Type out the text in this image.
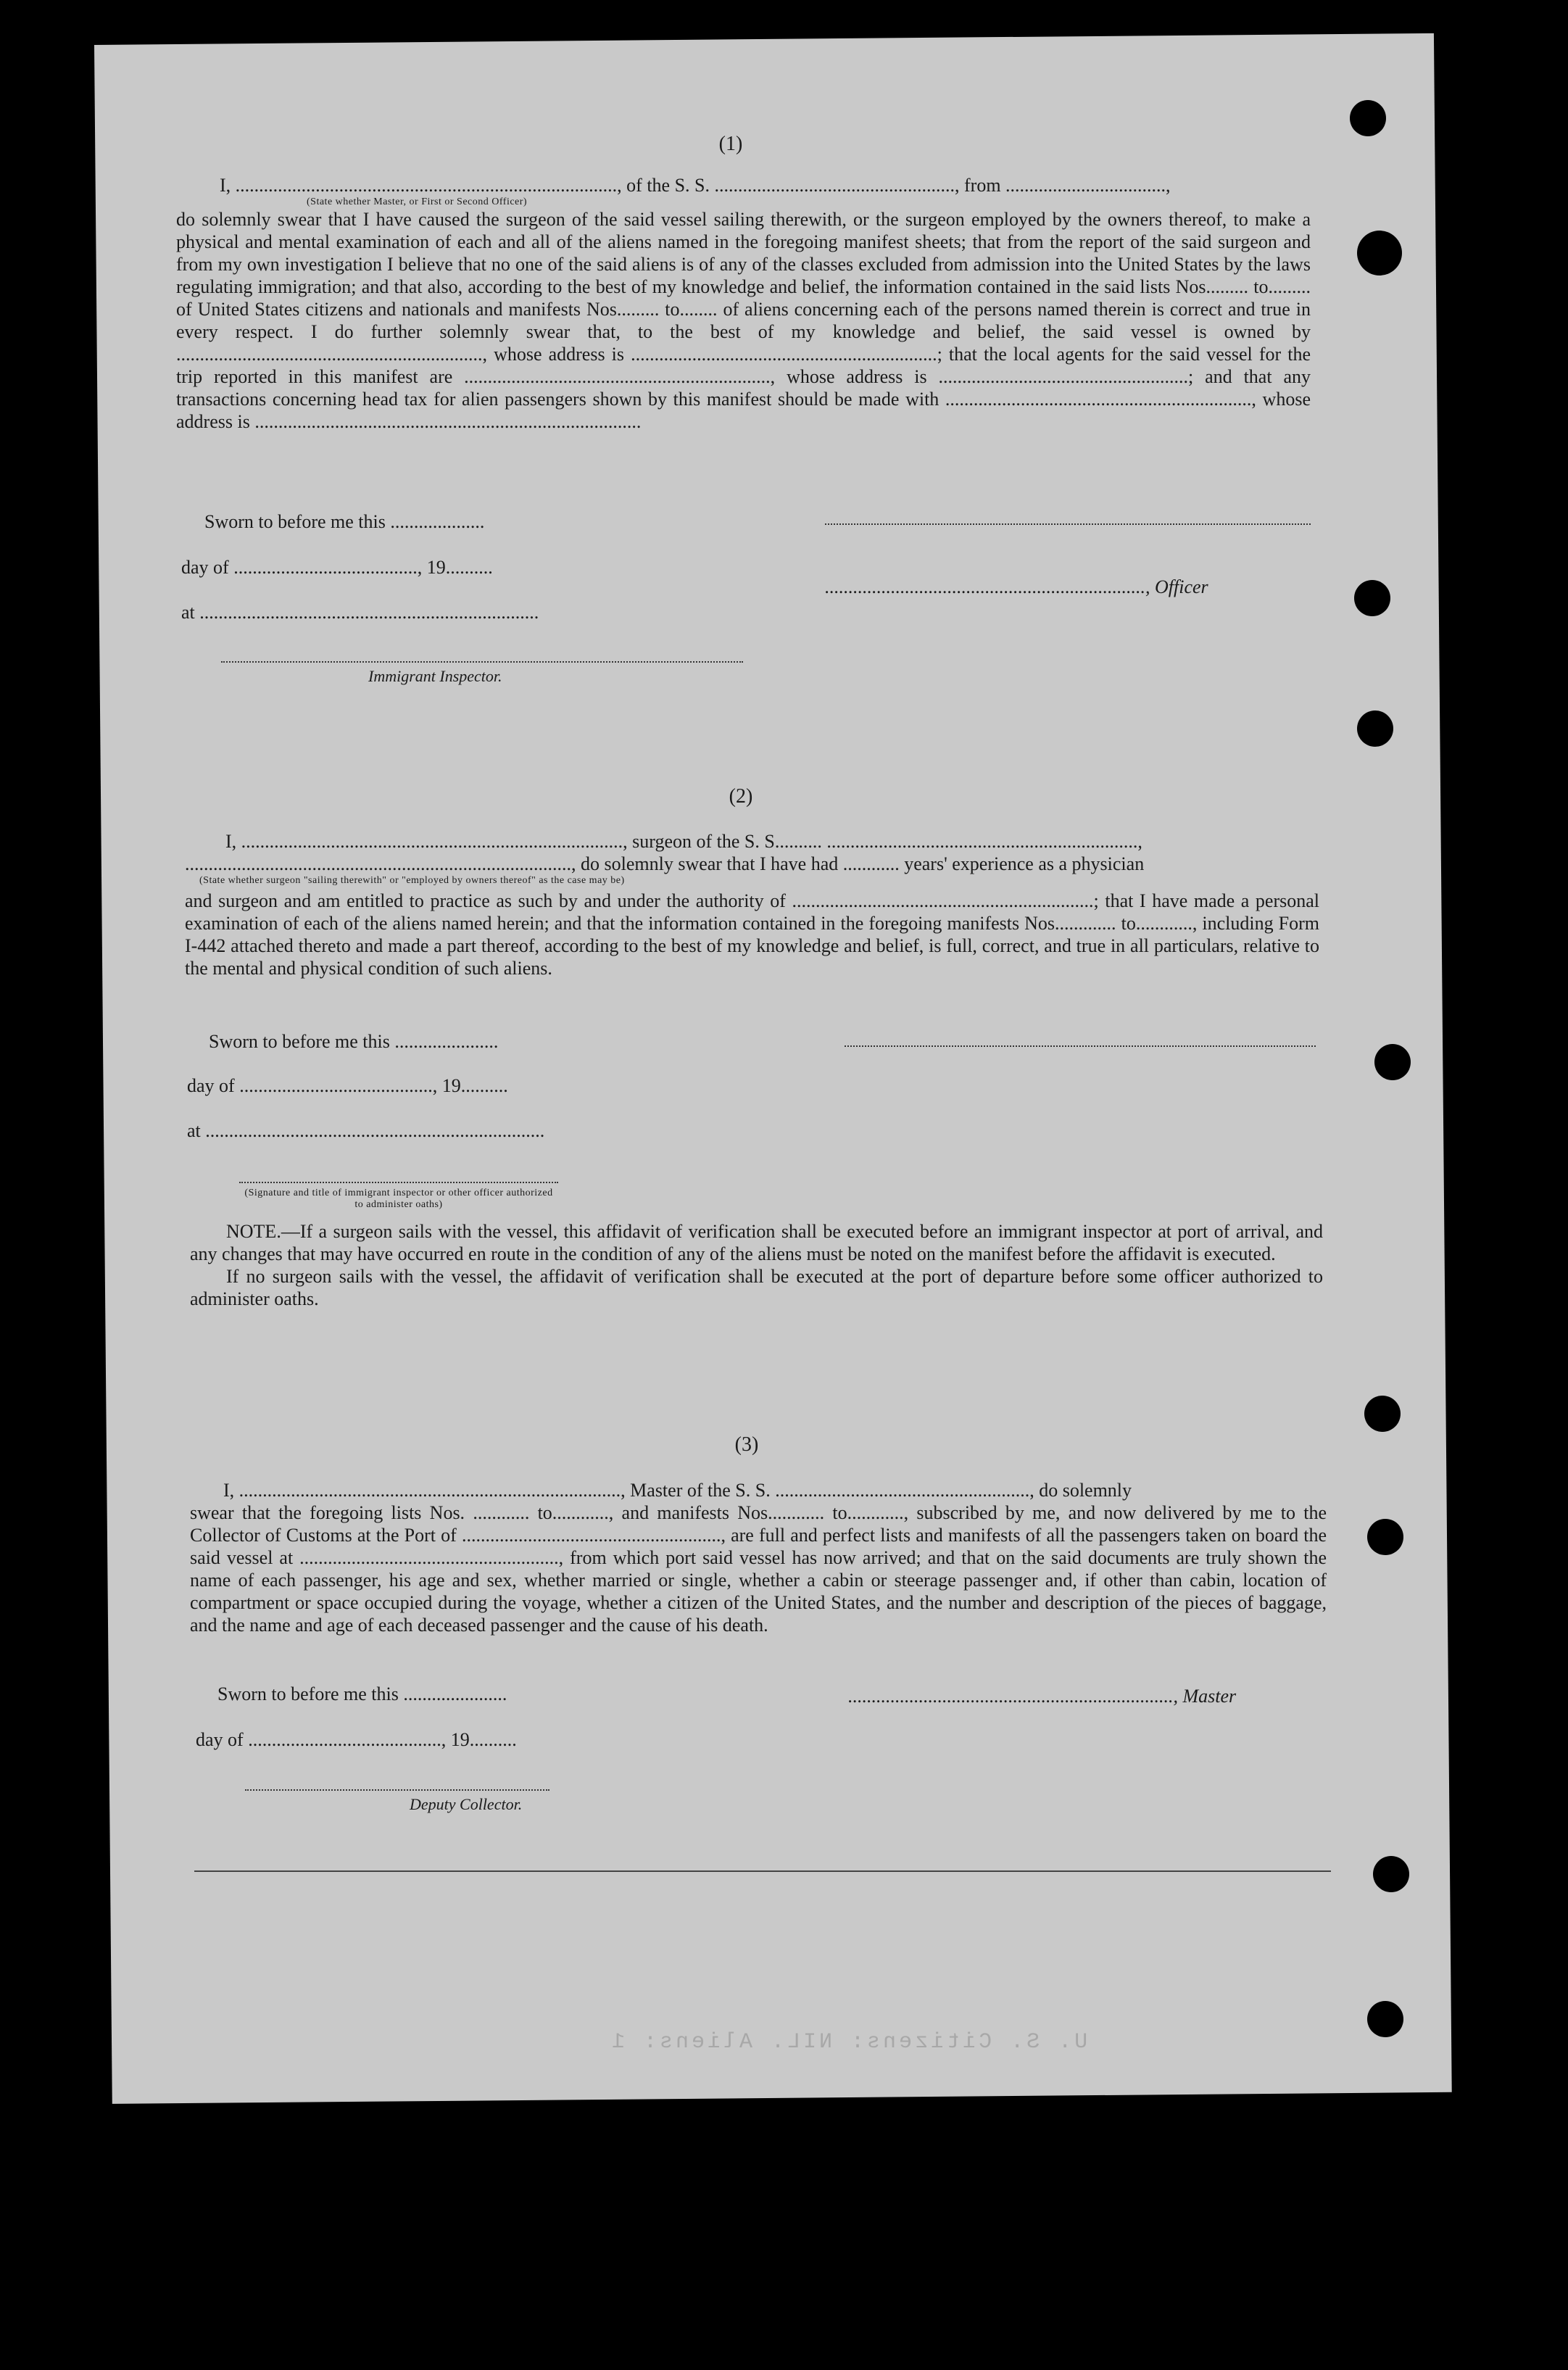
(1)

I, ................................................................................., of the S. S. ..................................................., from ..................................,

(State whether Master, or First or Second Officer)

do solemnly swear that I have caused the surgeon of the said vessel sailing therewith, or the surgeon employed by the owners thereof, to make a physical and mental examination of each and all of the aliens named in the foregoing manifest sheets; that from the report of the said surgeon and from my own investigation I believe that no one of the said aliens is of any of the classes excluded from admission into the United States by the laws regulating immigration; and that also, according to the best of my knowledge and belief, the information contained in the said lists Nos......... to......... of United States citizens and nationals and manifests Nos......... to........ of aliens concerning each of the persons named therein is correct and true in every respect. I do further solemnly swear that, to the best of my knowledge and belief, the said vessel is owned by ................................................................., whose address is .................................................................; that the local agents for the said vessel for the trip reported in this manifest are ................................................................., whose address is .....................................................; and that any transactions concerning head tax for alien passengers shown by this manifest should be made with ................................................................., whose address is ..................................................................................

Sworn to before me this ....................
day of ......................................., 19..........
...................................................................., Officer
at ........................................................................
Immigrant Inspector.
(2)

I, ................................................................................., surgeon of the S. S.......... ..................................................................,

.................................................................................., do solemnly swear that I have had ............ years' experience as a physician

(State whether surgeon "sailing therewith" or "employed by owners thereof" as the case may be)

and surgeon and am entitled to practice as such by and under the authority of ................................................................; that I have made a personal examination of each of the aliens named herein; and that the information contained in the foregoing manifests Nos............. to............, including Form I-442 attached thereto and made a part thereof, according to the best of my knowledge and belief, is full, correct, and true in all particulars, relative to the mental and physical condition of such aliens.

Sworn to before me this ......................
day of ........................................., 19..........
at ........................................................................
(Signature and title of immigrant inspector or other officer authorized to administer oaths)

NOTE.—If a surgeon sails with the vessel, this affidavit of verification shall be executed before an immigrant inspector at port of arrival, and any changes that may have occurred en route in the condition of any of the aliens must be noted on the manifest before the affidavit is executed.

If no surgeon sails with the vessel, the affidavit of verification shall be executed at the port of departure before some officer authorized to administer oaths.

(3)

I, ................................................................................., Master of the S. S. ......................................................, do solemnly

swear that the foregoing lists Nos. ............ to............, and manifests Nos............ to............, subscribed by me, and now delivered by me to the Collector of Customs at the Port of ......................................................., are full and perfect lists and manifests of all the passengers taken on board the said vessel at ......................................................., from which port said vessel has now arrived; and that on the said documents are truly shown the name of each passenger, his age and sex, whether married or single, whether a cabin or steerage passenger and, if other than cabin, location of compartment or space occupied during the voyage, whether a citizen of the United States, and the number and description of the pieces of baggage, and the name and age of each deceased passenger and the cause of his death.

Sworn to before me this ......................	....................................................................., Master
day of ........................................., 19..........
Deputy Collector.
U. S. Citizens: NIL. Aliens: 1
